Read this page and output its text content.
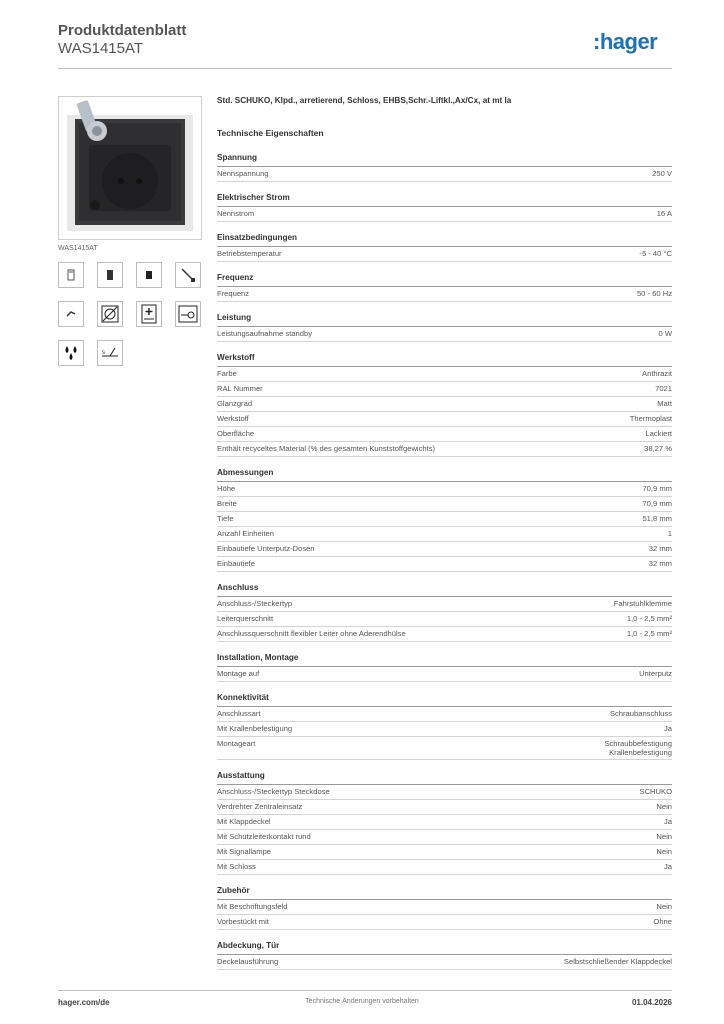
Produktdatenblatt
WAS1415AT	:hager
WAS1415AT
s
Std. SCHUKO, Klpd., arretierend, Schloss, EHBS,Schr.-Liftkl.,Ax/Cx, at mt la
Technische Eigenschaften
Spannung
Nennspannung	250 V
Elektrischer Strom
Nennstrom	16 A
Einsatzbedingungen
Betriebstemperatur	-5 - 40 °C
Frequenz
Frequenz	50 - 60 Hz
Leistung
Leistungsaufnahme standby	0 W
Werkstoff
Farbe	Anthrazit
RAL Nummer	7021
Glanzgrad	Matt
Werkstoff	Thermoplast
Oberfläche	Lackiert
Enthält recyceltes Material (% des gesamten Kunststoffgewichts)	38,27 %
Abmessungen
Höhe	70,9 mm
Breite	70,9 mm
Tiefe	51,8 mm
Anzahl Einheiten	1
Einbautiefe Unterputz-Dosen	32 mm
Einbautiefe	32 mm
Anschluss
Anschluss-/Steckertyp	Fahrstuhlklemme
Leiterquerschnitt	1,0 - 2,5 mm²
Anschlussquerschnitt flexibler Leiter ohne Aderendhülse	1,0 - 2,5 mm²
Installation, Montage
Montage auf	Unterputz
Konnektivität
Anschlussart	Schraubanschluss
Mit Krallenbefestigung	Ja
Montageart	Schraubbefestigung
Krallenbefestigung
Ausstattung
Anschluss-/Steckertyp Steckdose	SCHUKO
Verdrehter Zentraleinsatz	Nein
Mit Klappdeckel	Ja
Mit Schutzleiterkontakt rund	Nein
Mit Signallampe	Nein
Mit Schloss	Ja
Zubehör
Mit Beschriftungsfeld	Nein
Vorbestückt mit	Ohne
Abdeckung, Tür
Deckelausführung	Selbstschließender Klappdeckel
hager.com/de	Technische Änderungen vorbehalten	01.04.2026
